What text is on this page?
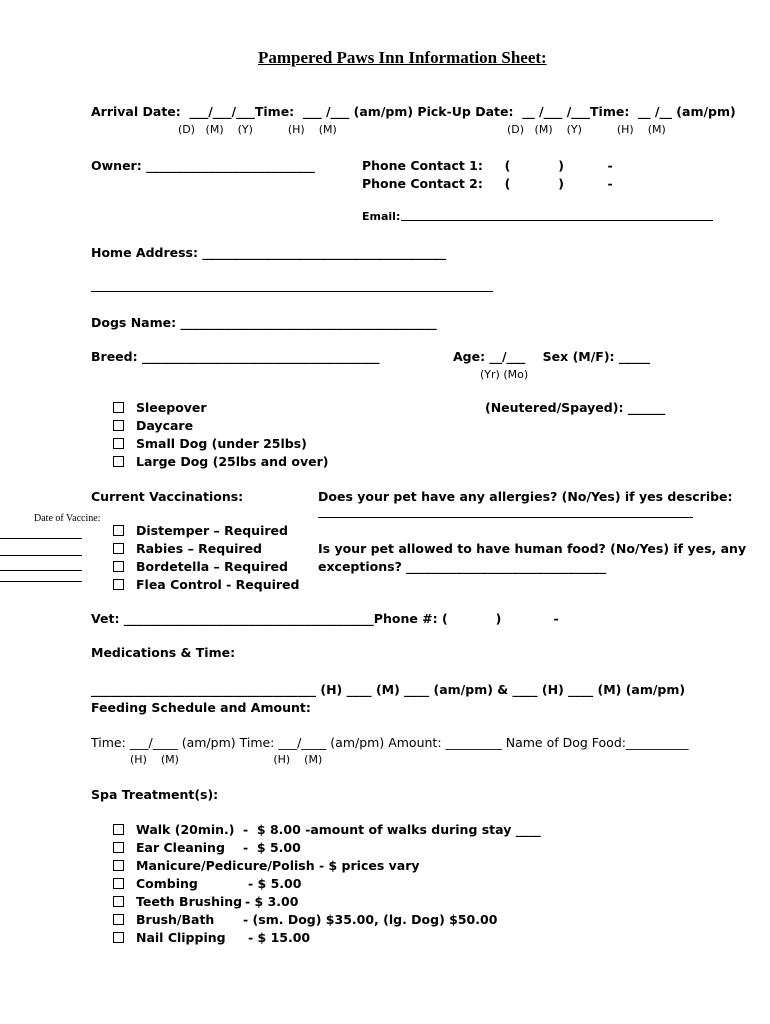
Pampered Paws Inn Information Sheet:
Arrival Date:  ___/___/___Time:  ___ /___ (am/pm) Pick-Up Date:  __ /___ /___Time:  __ /__ (am/pm)
(D)   (M)    (Y)          (H)    (M)	(D)   (M)    (Y)          (H)    (M)
Owner: ___________________________	Phone Contact 1:     (           )          -
Phone Contact 2:     (           )          -
Email:
Home Address: _______________________________________
Dogs Name: _________________________________________
Breed: ______________________________________	Age: __/___    Sex (M/F): _____
(Yr) (Mo)
Sleepover
Daycare
Small Dog (under 25lbs)
Large Dog (25lbs and over)
(Neutered/Spayed): ______
Current Vaccinations:
Date of Vaccine:
Distemper – Required
Rabies – Required
Bordetella – Required
Flea Control - Required
Does your pet have any allergies? (No/Yes) if yes describe:
Is your pet allowed to have human food? (No/Yes) if yes, any
exceptions? ________________________________
Vet: ________________________________________Phone #: (           )            -
Medications & Time:
____________________________________ (H) ____ (M) ____ (am/pm) & ____ (H) ____ (M) (am/pm)
Feeding Schedule and Amount:
Time: ___/____ (am/pm) Time: ___/____ (am/pm) Amount: _________ Name of Dog Food:__________
(H)    (M)                           (H)    (M)
Spa Treatment(s):
Walk (20min.) -  $ 8.00 -amount of walks during stay ____
Ear Cleaning -  $ 5.00
Manicure/Pedicure/Polish - $ prices vary
Combing	- $ 5.00
Teeth Brushing - $ 3.00
Brush/Bath - (sm. Dog) $35.00, (lg. Dog) $50.00
Nail Clipping - $ 15.00
